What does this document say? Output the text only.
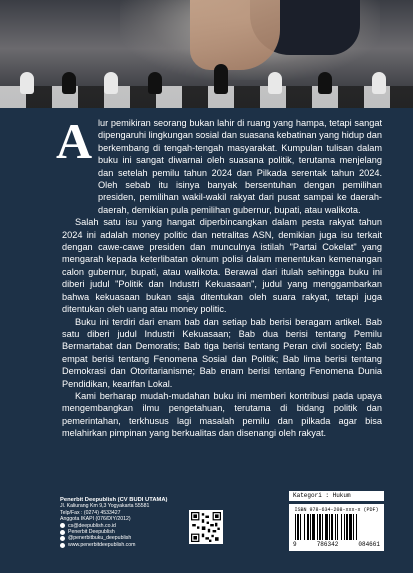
A lur pemikiran seorang bukan lahir di ruang yang hampa, tetapi sangat dipengaruhi lingkungan sosial dan suasana kebatinan yang hidup dan berkembang di tengah-tengah masyarakat. Kumpulan tulisan dalam buku ini sangat diwarnai oleh suasana politik, terutama menjelang dan setelah pemilu tahun 2024 dan Pilkada serentak tahun 2024. Oleh sebab itu isinya banyak bersentuhan dengan pemilihan presiden, pemilihan wakil-wakil rakyat dari pusat sampai ke daerah-daerah, demikian pula pemilihan gubernur, bupati, atau walikota.

Salah satu isu yang hangat diperbincangkan dalam pesta rakyat tahun 2024 ini adalah money politic dan netralitas ASN, demikian juga isu terkait dengan cawe-cawe presiden dan munculnya istilah "Partai Cokelat" yang mengarah kepada keterlibatan oknum polisi dalam menentukan kemenangan calon gubernur, bupati, atau walikota. Berawal dari itulah sehingga buku ini diberi judul "Politik dan Industri Kekuasaan", judul yang menggambarkan bahwa kekuasaan bukan saja ditentukan oleh suara rakyat, tetapi juga ditentukan oleh uang atau money politic.

Buku ini terdiri dari enam bab dan setiap bab berisi beragam artikel. Bab satu diberi judul Industri Kekuasaan; Bab dua berisi tentang Pemilu Bermartabat dan Demoratis; Bab tiga berisi tentang Peran civil society; Bab empat berisi tentang Fenomena Sosial dan Politik; Bab lima berisi tentang Demokrasi dan Otoritarianisme; Bab enam berisi tentang Fenomena Dunia Pendidikan, kearifan Lokal.

Kami berharap mudah-mudahan buku ini memberi kontribusi pada upaya mengembangkan ilmu pengetahuan, terutama di bidang politik dan pemerintahan, terkhusus lagi masalah pemilu dan pilkada agar bisa melahirkan pimpinan yang berkualitas dan disenangi oleh rakyat.

Penerbit Deepublish (CV BUDI UTAMA)
Jl. Kaliurang Km 9,3 Yogyakarta 55581
Telp/Fax : (0274) 4533427
Anggota IKAPI (076/DIY/2012)
cs@deepublish.co.id
Penerbit Deepublish
@penerbitbuku_deepublish
www.penerbitdeepublish.com
Kategori : Hukum
ISBN 978-634-208-xxx-x (PDF)
9	786342	084661
